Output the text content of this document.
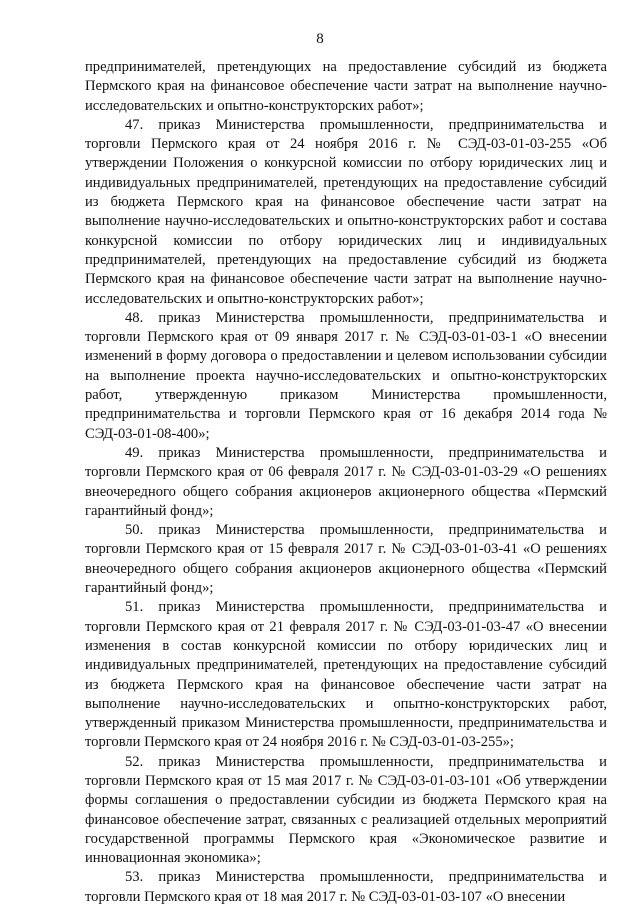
8

предпринимателей, претендующих на предоставление субсидий из бюджета Пермского края на финансовое обеспечение части затрат на выполнение научно-исследовательских и опытно-конструкторских работ»;

47. приказ Министерства промышленности, предпринимательства и торговли Пермского края от 24 ноября 2016 г. № СЭД-03-01-03-255 «Об утверждении Положения о конкурсной комиссии по отбору юридических лиц и индивидуальных предпринимателей, претендующих на предоставление субсидий из бюджета Пермского края на финансовое обеспечение части затрат на выполнение научно-исследовательских и опытно-конструкторских работ и состава конкурсной комиссии по отбору юридических лиц и индивидуальных предпринимателей, претендующих на предоставление субсидий из бюджета Пермского края на финансовое обеспечение части затрат на выполнение научно-исследовательских и опытно-конструкторских работ»;

48. приказ Министерства промышленности, предпринимательства и торговли Пермского края от 09 января 2017 г. № СЭД-03-01-03-1 «О внесении изменений в форму договора о предоставлении и целевом использовании субсидии на выполнение проекта научно-исследовательских и опытно-конструкторских работ, утвержденную приказом Министерства промышленности, предпринимательства и торговли Пермского края от 16 декабря 2014 года № СЭД-03-01-08-400»;

49. приказ Министерства промышленности, предпринимательства и торговли Пермского края от 06 февраля 2017 г. № СЭД-03-01-03-29 «О решениях внеочередного общего собрания акционеров акционерного общества «Пермский гарантийный фонд»;

50. приказ Министерства промышленности, предпринимательства и торговли Пермского края от 15 февраля 2017 г. № СЭД-03-01-03-41 «О решениях внеочередного общего собрания акционеров акционерного общества «Пермский гарантийный фонд»;

51. приказ Министерства промышленности, предпринимательства и торговли Пермского края от 21 февраля 2017 г. № СЭД-03-01-03-47 «О внесении изменения в состав конкурсной комиссии по отбору юридических лиц и индивидуальных предпринимателей, претендующих на предоставление субсидий из бюджета Пермского края на финансовое обеспечение части затрат на выполнение научно-исследовательских и опытно-конструкторских работ, утвержденный приказом Министерства промышленности, предпринимательства и торговли Пермского края от 24 ноября 2016 г. № СЭД-03-01-03-255»;

52. приказ Министерства промышленности, предпринимательства и торговли Пермского края от 15 мая 2017 г. № СЭД-03-01-03-101 «Об утверждении формы соглашения о предоставлении субсидии из бюджета Пермского края на финансовое обеспечение затрат, связанных с реализацией отдельных мероприятий государственной программы Пермского края «Экономическое развитие и инновационная экономика»;

53. приказ Министерства промышленности, предпринимательства и торговли Пермского края от 18 мая 2017 г. № СЭД-03-01-03-107 «О внесении
